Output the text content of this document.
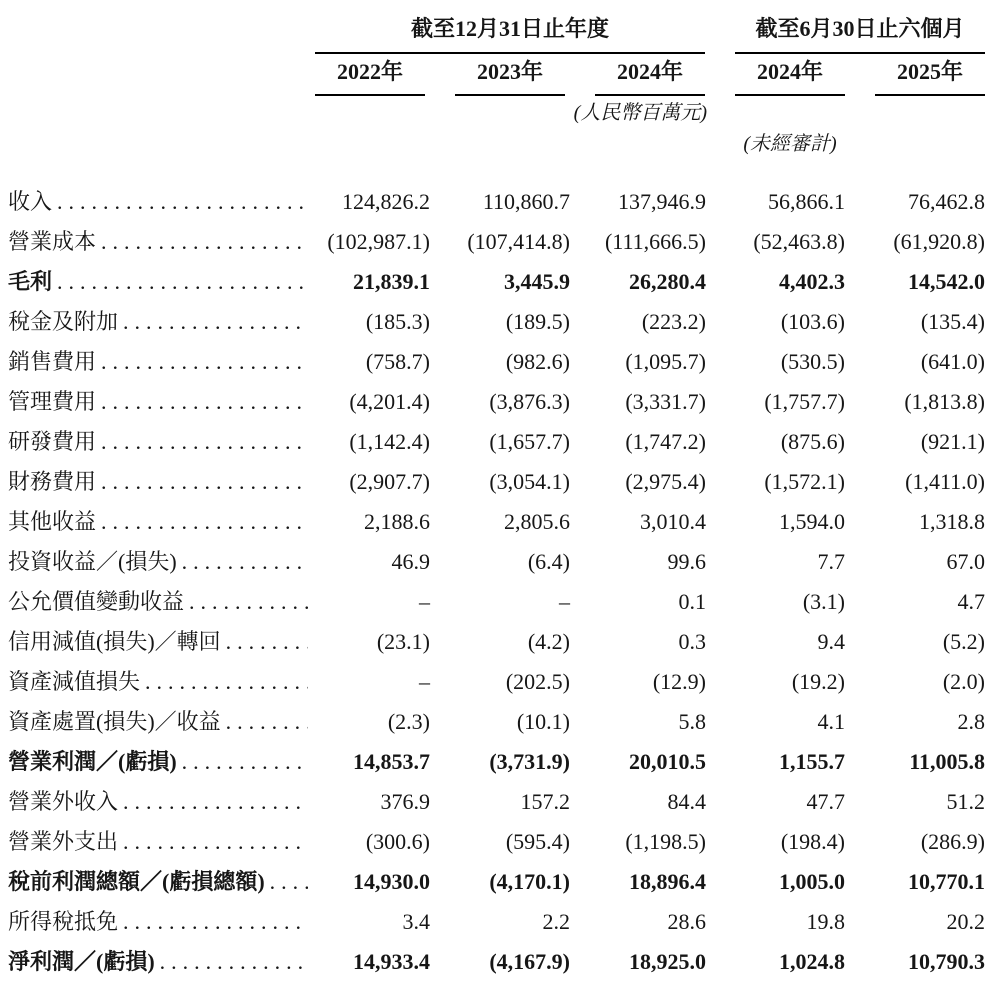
截至12月31日止年度	截至6月30日止六個月
2022年	2023年	2024年	2024年	2025年
(人民幣百萬元)
(未經審計)
收入 .....	124,826.2	110,860.7	137,946.9	56,866.1	76,462.8
營業成本 .....	(102,987.1)	(107,414.8)	(111,666.5)	(52,463.8)	(61,920.8)
毛利 .....	21,839.1	3,445.9	26,280.4	4,402.3	14,542.0
稅金及附加 .....	(185.3)	(189.5)	(223.2)	(103.6)	(135.4)
銷售費用 .....	(758.7)	(982.6)	(1,095.7)	(530.5)	(641.0)
管理費用 .....	(4,201.4)	(3,876.3)	(3,331.7)	(1,757.7)	(1,813.8)
研發費用 .....	(1,142.4)	(1,657.7)	(1,747.2)	(875.6)	(921.1)
財務費用 .....	(2,907.7)	(3,054.1)	(2,975.4)	(1,572.1)	(1,411.0)
其他收益 .....	2,188.6	2,805.6	3,010.4	1,594.0	1,318.8
投資收益／(損失) .....	46.9	(6.4)	99.6	7.7	67.0
公允價值變動收益 .....	–	–	0.1	(3.1)	4.7
信用減值(損失)／轉回 .....	(23.1)	(4.2)	0.3	9.4	(5.2)
資產減值損失 .....	–	(202.5)	(12.9)	(19.2)	(2.0)
資產處置(損失)／收益 .....	(2.3)	(10.1)	5.8	4.1	2.8
營業利潤／(虧損) .....	14,853.7	(3,731.9)	20,010.5	1,155.7	11,005.8
營業外收入 .....	376.9	157.2	84.4	47.7	51.2
營業外支出 .....	(300.6)	(595.4)	(1,198.5)	(198.4)	(286.9)
稅前利潤總額／(虧損總額) .....	14,930.0	(4,170.1)	18,896.4	1,005.0	10,770.1
所得稅抵免 .....	3.4	2.2	28.6	19.8	20.2
淨利潤／(虧損) .....	14,933.4	(4,167.9)	18,925.0	1,024.8	10,790.3
